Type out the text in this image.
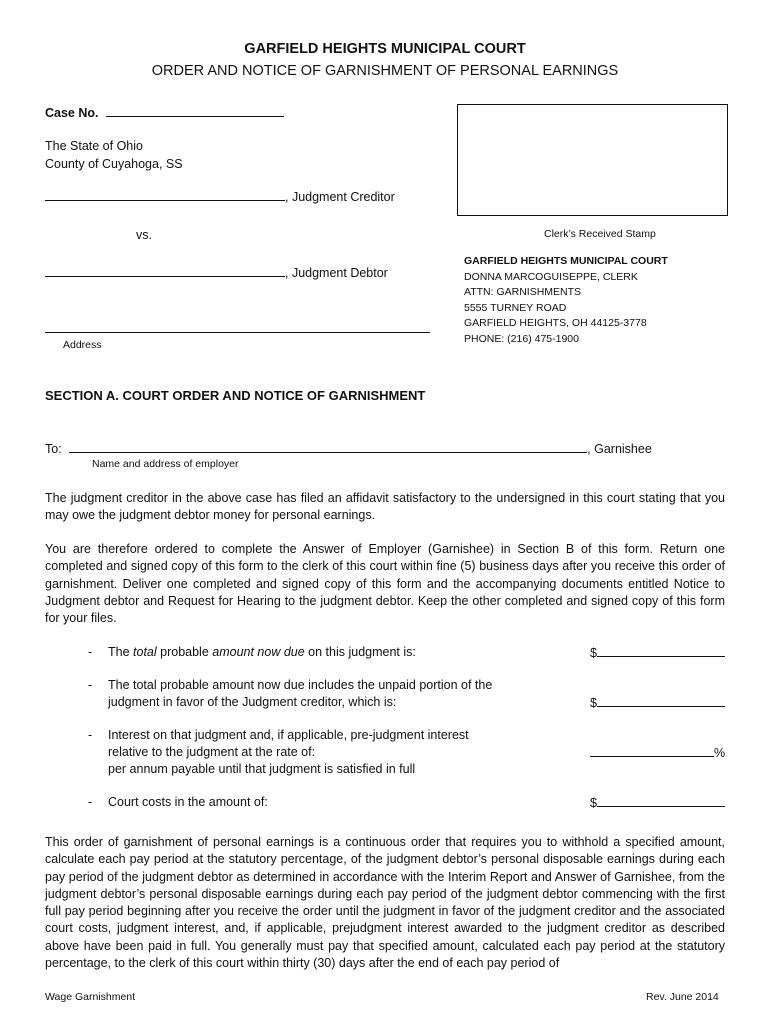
GARFIELD HEIGHTS MUNICIPAL COURT
ORDER AND NOTICE OF GARNISHMENT OF PERSONAL EARNINGS
Case No.
The State of Ohio
County of Cuyahoga, SS
, Judgment Creditor
vs.
, Judgment Debtor
Address
Clerk’s Received Stamp
GARFIELD HEIGHTS MUNICIPAL COURT
DONNA MARCOGUISEPPE, CLERK
ATTN: GARNISHMENTS
5555 TURNEY ROAD
GARFIELD HEIGHTS, OH 44125-3778
PHONE: (216) 475-1900
SECTION A. COURT ORDER AND NOTICE OF GARNISHMENT
To:	, Garnishee
Name and address of employer
The judgment creditor in the above case has filed an affidavit satisfactory to the undersigned in this court stating that you may owe the judgment debtor money for personal earnings.
You are therefore ordered to complete the Answer of Employer (Garnishee) in Section B of this form. Return one completed and signed copy of this form to the clerk of this court within fine (5) business days after you receive this order of garnishment. Deliver one completed and signed copy of this form and the accompanying documents entitled Notice to Judgment debtor and Request for Hearing to the judgment debtor. Keep the other completed and signed copy of this form for your files.
- The total probable amount now due on this judgment is:	$
- The total probable amount now due includes the unpaid portion of the
judgment in favor of the Judgment creditor, which is:	$
- Interest on that judgment and, if applicable, pre-judgment interest
relative to the judgment at the rate of:
per annum payable until that judgment is satisfied in full
%
- Court costs in the amount of:	$
This order of garnishment of personal earnings is a continuous order that requires you to withhold a specified amount, calculate each pay period at the statutory percentage, of the judgment debtor’s personal disposable earnings during each pay period of the judgment debtor as determined in accordance with the Interim Report and Answer of Garnishee, from the judgment debtor’s personal disposable earnings during each pay period of the judgment debtor commencing with the first full pay period beginning after you receive the order until the judgment in favor of the judgment creditor and the associated court costs, judgment interest, and, if applicable, prejudgment interest awarded to the judgment creditor as described above have been paid in full. You generally must pay that specified amount, calculated each pay period at the statutory percentage, to the clerk of this court within thirty (30) days after the end of each pay period of
Wage Garnishment	Rev. June 2014
